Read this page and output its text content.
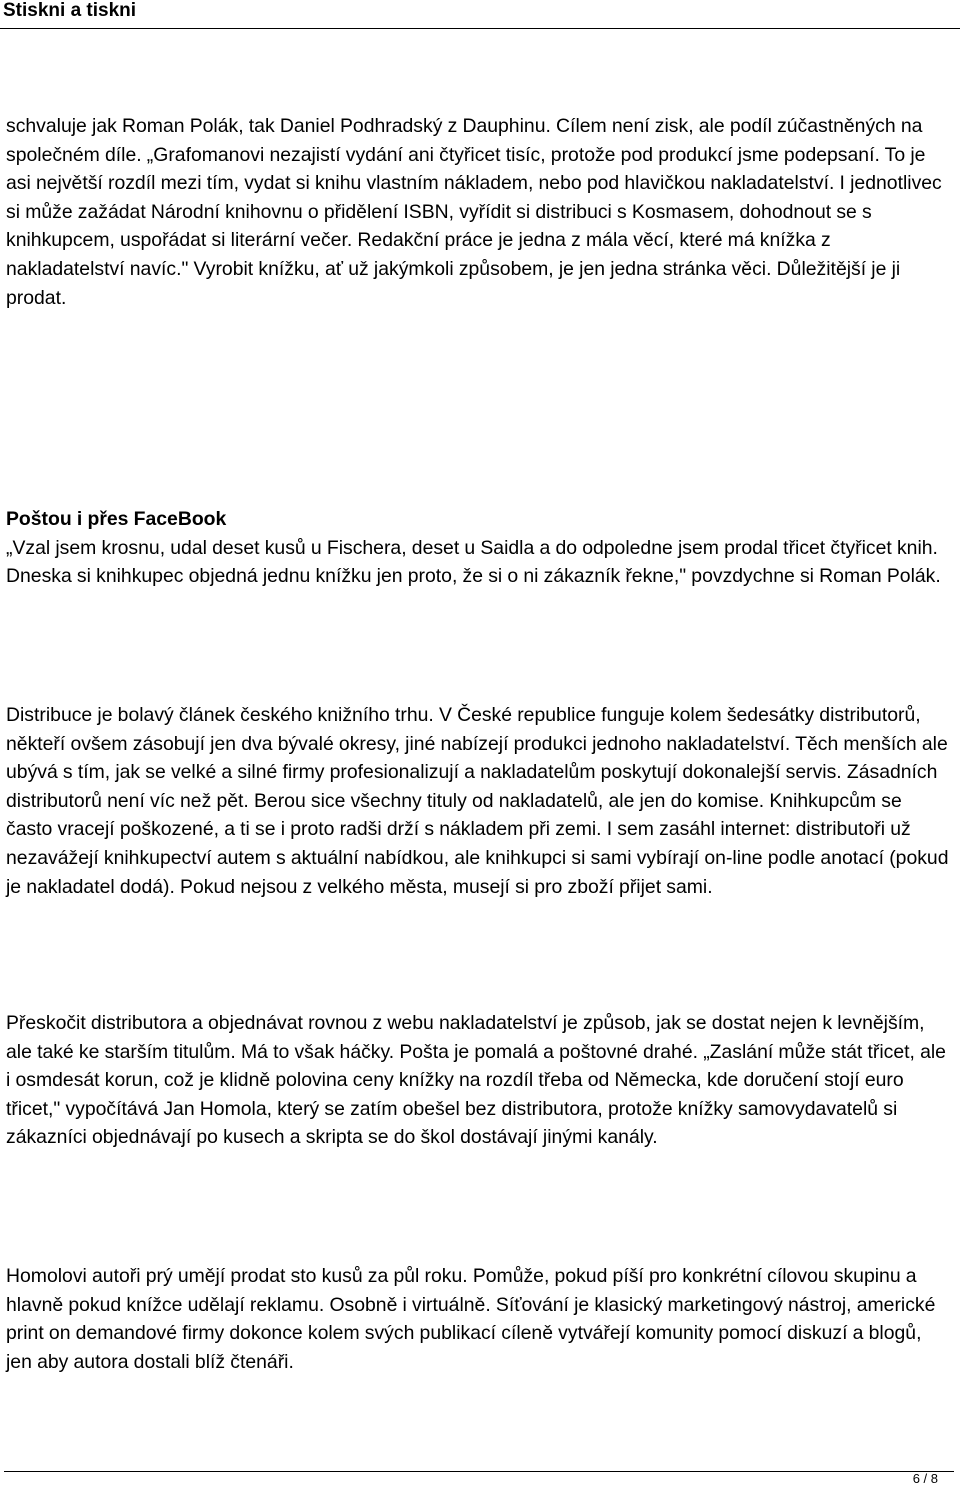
Stiskni a tiskni

schvaluje jak Roman Polák, tak Daniel Podhradský z Dauphinu. Cílem není zisk, ale podíl zúčastněných na společném díle. „Grafomanovi nezajistí vydání ani čtyřicet tisíc, protože pod produkcí jsme podepsaní. To je asi největší rozdíl mezi tím, vydat si knihu vlastním nákladem, nebo pod hlavičkou nakladatelství. I jednotlivec si může zažádat Národní knihovnu o přidělení ISBN, vyřídit si distribuci s Kosmasem, dohodnout se s knihkupcem, uspořádat si literární večer. Redakční práce je jedna z mála věcí, které má knížka z nakladatelství navíc." Vyrobit knížku, ať už jakýmkoli způsobem, je jen jedna stránka věci. Důležitější je ji prodat.

Poštou i přes FaceBook
„Vzal jsem krosnu, udal deset kusů u Fischera, deset u Saidla a do odpoledne jsem prodal třicet čtyřicet knih. Dneska si knihkupec objedná jednu knížku jen proto, že si o ni zákazník řekne," povzdychne si Roman Polák.

Distribuce je bolavý článek českého knižního trhu. V České republice funguje kolem šedesátky distributorů, někteří ovšem zásobují jen dva bývalé okresy, jiné nabízejí produkci jednoho nakladatelství. Těch menších ale ubývá s tím, jak se velké a silné firmy profesionalizují a nakladatelům poskytují dokonalejší servis. Zásadních distributorů není víc než pět. Berou sice všechny tituly od nakladatelů, ale jen do komise. Knihkupcům se často vracejí poškozené, a ti se i proto radši drží s nákladem při zemi. I sem zasáhl internet: distributoři už nezavážejí knihkupectví autem s aktuální nabídkou, ale knihkupci si sami vybírají on-line podle anotací (pokud je nakladatel dodá). Pokud nejsou z velkého města, musejí si pro zboží přijet sami.

Přeskočit distributora a objednávat rovnou z webu nakladatelství je způsob, jak se dostat nejen k levnějším, ale také ke starším titulům. Má to však háčky. Pošta je pomalá a poštovné drahé. „Zaslání může stát třicet, ale i osmdesát korun, což je klidně polovina ceny knížky na rozdíl třeba od Německa, kde doručení stojí euro třicet," vypočítává Jan Homola, který se zatím obešel bez distributora, protože knížky samovydavatelů si zákazníci objednávají po kusech a skripta se do škol dostávají jinými kanály.

Homolovi autoři prý umějí prodat sto kusů za půl roku. Pomůže, pokud píší pro konkrétní cílovou skupinu a hlavně pokud knížce udělají reklamu. Osobně i virtuálně. Síťování je klasický marketingový nástroj, americké print on demandové firmy dokonce kolem svých publikací cíleně vytvářejí komunity pomocí diskuzí a blogů, jen aby autora dostali blíž čtenáři.

6 / 8
